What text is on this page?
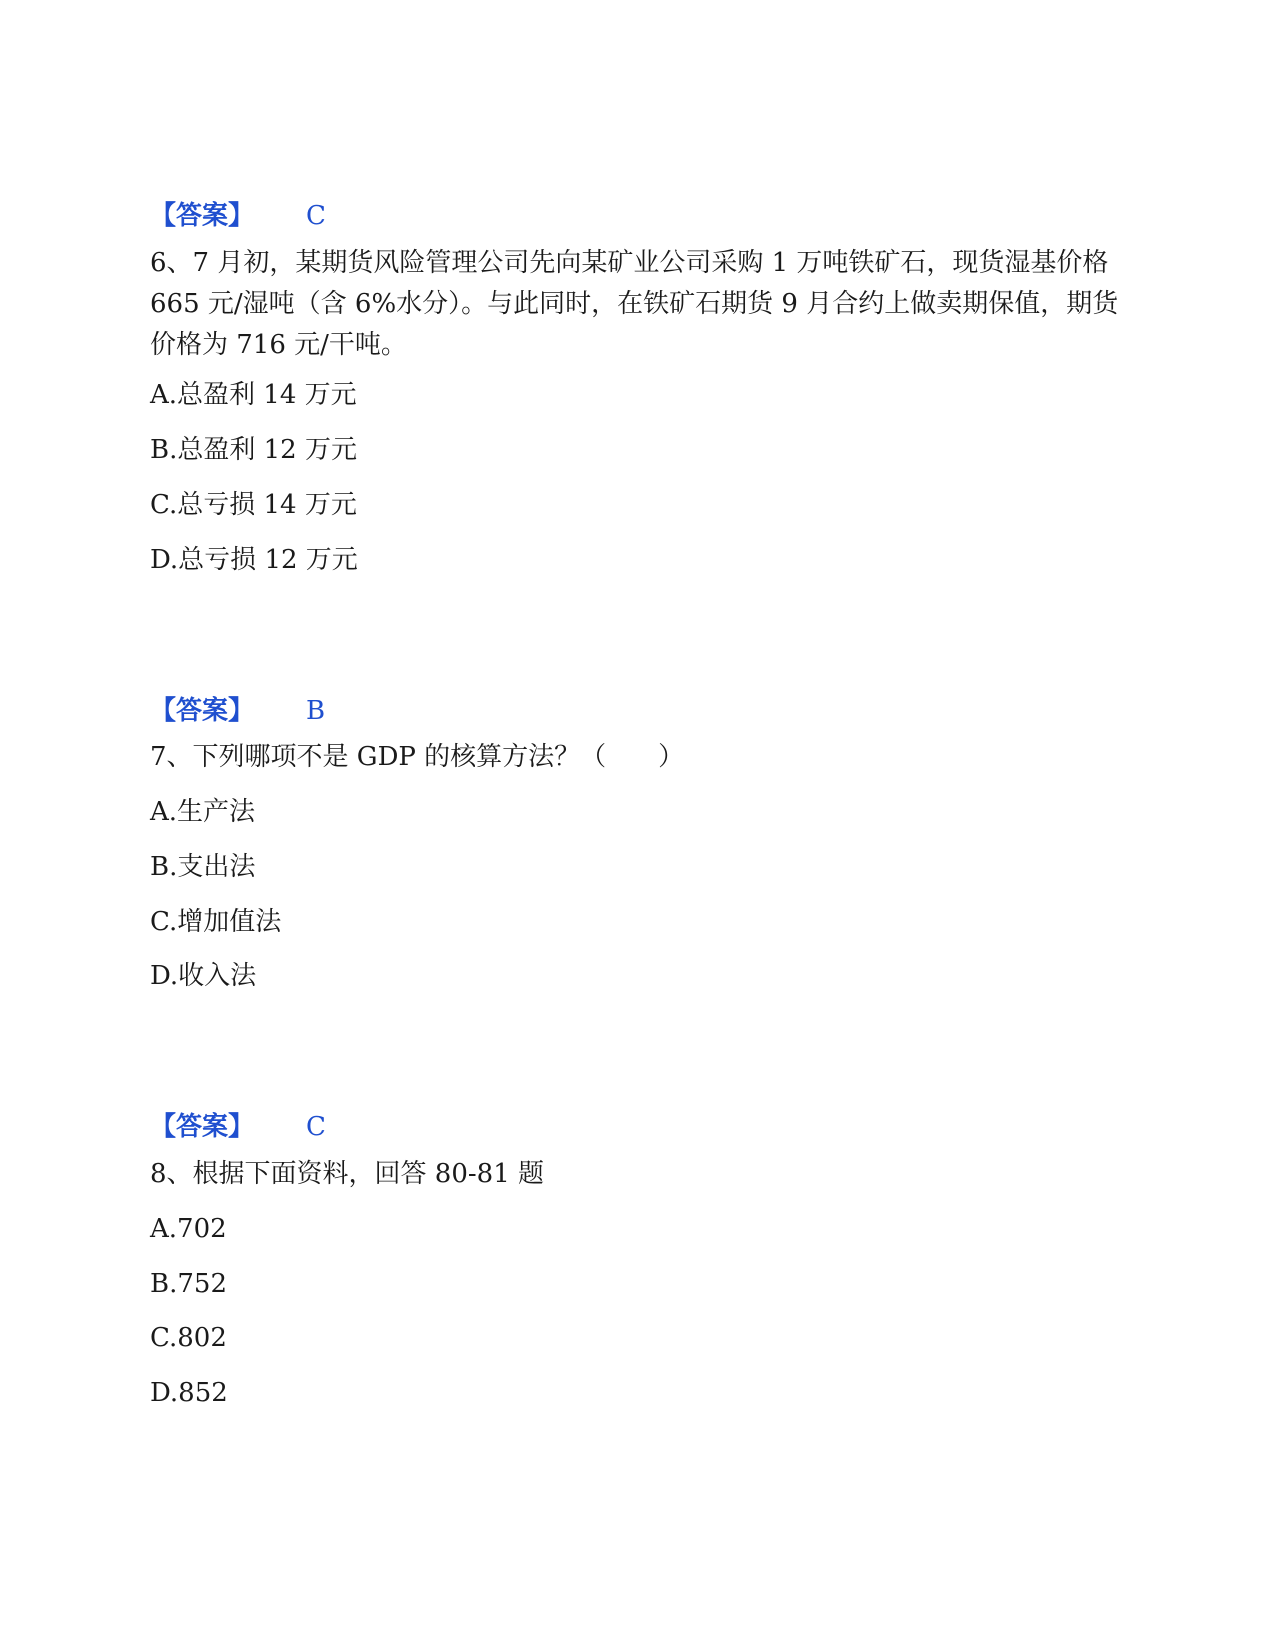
【答案】 C
6、7 月初，某期货风险管理公司先向某矿业公司采购 1 万吨铁矿石，现货湿基价格 665 元/湿吨（含 6%水分）。与此同时，在铁矿石期货 9 月合约上做卖期保值，期货价格为 716 元/干吨。
A.总盈利 14 万元
B.总盈利 12 万元
C.总亏损 14 万元
D.总亏损 12 万元
【答案】 B
7、下列哪项不是 GDP 的核算方法？（　　）
A.生产法
B.支出法
C.增加值法
D.收入法
【答案】 C
8、根据下面资料，回答 80-81 题
A.702
B.752
C.802
D.852
